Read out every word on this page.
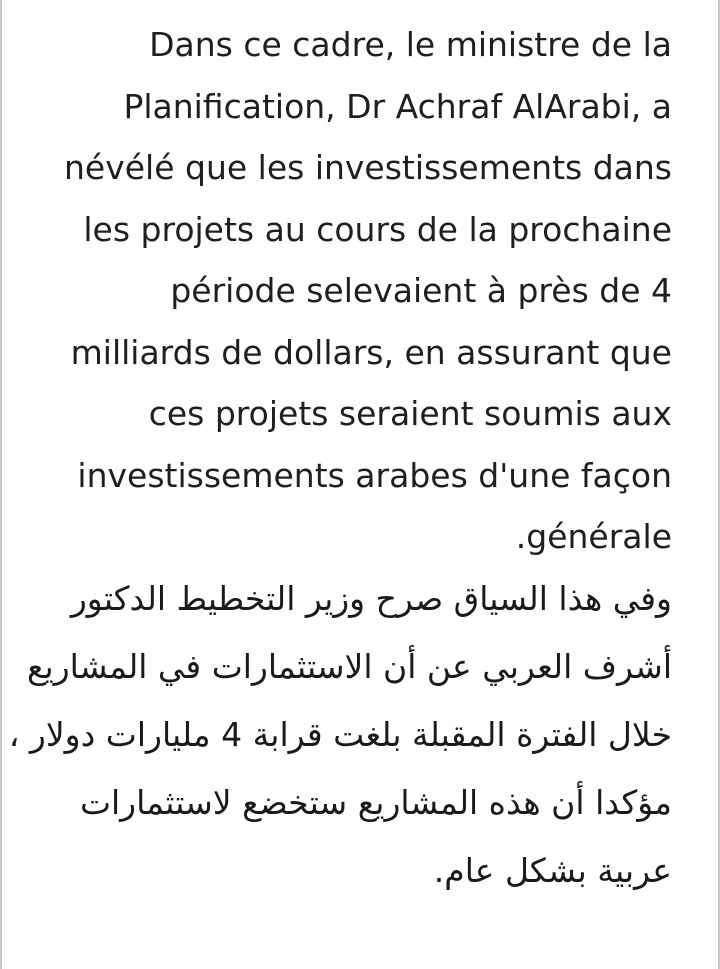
Dans ce cadre, le ministre de la
Planification, Dr Achraf AlArabi, a
névélé que les investissements dans
les projets au cours de la prochaine
période selevaient à près de 4
milliards de dollars, en assurant que
ces projets seraient soumis aux
investissements arabes d'une façon
.générale
وفي هذا السياق صرح وزير التخطيط الدكتور
أشرف العربي عن أن الاستثمارات في المشاريع
خلال الفترة المقبلة بلغت قرابة 4 مليارات دولار ،
مؤكدا أن هذه المشاريع ستخضع لاستثمارات
عربية بشكل عام.
